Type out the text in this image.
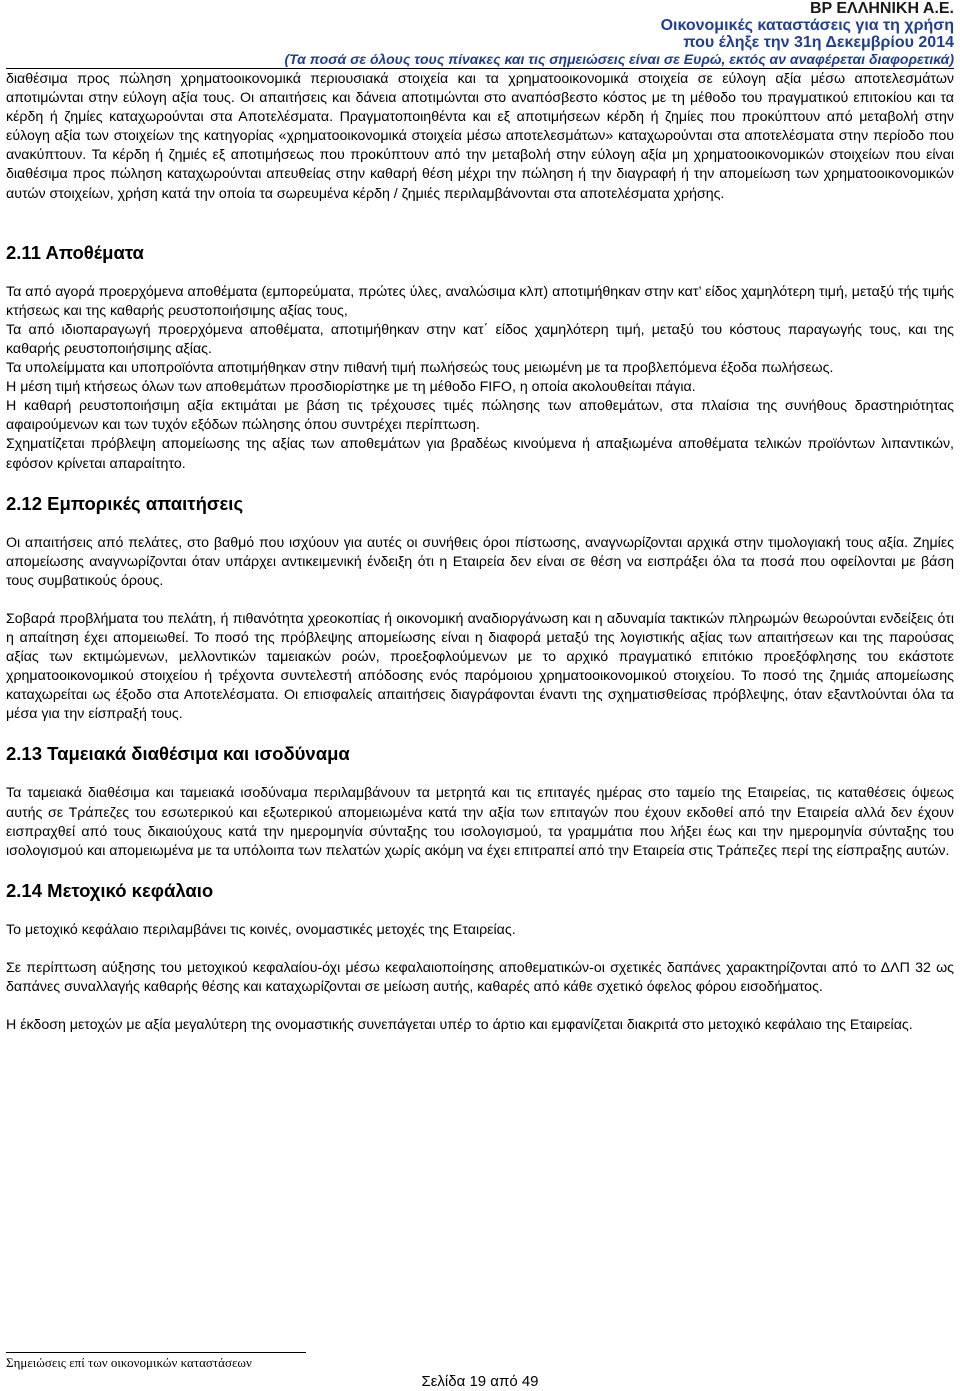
BP ΕΛΛΗΝΙΚΗ Α.Ε.
Οικονομικές καταστάσεις για τη χρήση
που έληξε την 31η Δεκεμβρίου 2014
(Τα ποσά σε όλους τους πίνακες και τις σημειώσεις είναι σε Ευρώ, εκτός αν αναφέρεται διαφορετικά)

διαθέσιμα προς πώληση χρηματοοικονομικά περιουσιακά στοιχεία και τα χρηματοοικονομικά στοιχεία σε εύλογη αξία μέσω αποτελεσμάτων αποτιμώνται στην εύλογη αξία τους. Οι απαιτήσεις και δάνεια αποτιμώνται στο αναπόσβεστο κόστος με τη μέθοδο του πραγματικού επιτοκίου και τα κέρδη ή ζημίες καταχωρούνται στα Αποτελέσματα. Πραγματοποιηθέντα και εξ αποτιμήσεων κέρδη ή ζημίες που προκύπτουν από μεταβολή στην εύλογη αξία των στοιχείων της κατηγορίας «χρηματοοικονομικά στοιχεία μέσω αποτελεσμάτων» καταχωρούνται στα αποτελέσματα στην περίοδο που ανακύπτουν. Τα κέρδη ή ζημιές εξ αποτιμήσεως που προκύπτουν από την μεταβολή στην εύλογη αξία μη χρηματοοικονομικών στοιχείων που είναι διαθέσιμα προς πώληση καταχωρούνται απευθείας στην καθαρή θέση μέχρι την πώληση ή την διαγραφή ή την απομείωση των χρηματοοικονομικών αυτών στοιχείων, χρήση κατά την οποία τα σωρευμένα κέρδη / ζημιές περιλαμβάνονται στα αποτελέσματα χρήσης.

2.11 Αποθέματα

Τα από αγορά προερχόμενα αποθέματα (εμπορεύματα, πρώτες ύλες, αναλώσιμα κλπ) αποτιμήθηκαν στην κατ’ είδος χαμηλότερη τιμή, μεταξύ τής τιμής κτήσεως και της καθαρής ρευστοποιήσιμης αξίας τους,

Τα από ιδιοπαραγωγή προερχόμενα αποθέματα, αποτιμήθηκαν στην κατ΄ είδος χαμηλότερη τιμή, μεταξύ του κόστους παραγωγής τους, και της καθαρής ρευστοποιήσιμης αξίας.

Τα υπολείμματα και υποπροϊόντα αποτιμήθηκαν στην πιθανή τιμή πωλήσεώς τους μειωμένη με τα προβλεπόμενα έξοδα πωλήσεως.

Η μέση τιμή κτήσεως όλων των αποθεμάτων προσδιορίστηκε με τη μέθοδο FIFO, η οποία ακολουθείται πάγια.

Η καθαρή ρευστοποιήσιμη αξία εκτιμάται με βάση τις τρέχουσες τιμές πώλησης των αποθεμάτων, στα πλαίσια της συνήθους δραστηριότητας αφαιρούμενων και των τυχόν εξόδων πώλησης όπου συντρέχει περίπτωση.

Σχηματίζεται πρόβλεψη απομείωσης της αξίας των αποθεμάτων για βραδέως κινούμενα ή απαξιωμένα αποθέματα τελικών προϊόντων λιπαντικών, εφόσον κρίνεται απαραίτητο.

2.12 Εμπορικές απαιτήσεις

Οι απαιτήσεις από πελάτες, στο βαθμό που ισχύουν για αυτές οι συνήθεις όροι πίστωσης, αναγνωρίζονται αρχικά στην τιμολογιακή τους αξία. Ζημίες απομείωσης αναγνωρίζονται όταν υπάρχει αντικειμενική ένδειξη ότι η Εταιρεία δεν είναι σε θέση να εισπράξει όλα τα ποσά που οφείλονται με βάση τους συμβατικούς όρους.

Σοβαρά προβλήματα του πελάτη, ή πιθανότητα χρεοκοπίας ή οικονομική αναδιοργάνωση και η αδυναμία τακτικών πληρωμών θεωρούνται ενδείξεις ότι η απαίτηση έχει απομειωθεί. Το ποσό της πρόβλεψης απομείωσης είναι η διαφορά μεταξύ της λογιστικής αξίας των απαιτήσεων και της παρούσας αξίας των εκτιμώμενων, μελλοντικών ταμειακών ροών, προεξοφλούμενων με το αρχικό πραγματικό επιτόκιο προεξόφλησης του εκάστοτε χρηματοοικονομικού στοιχείου ή τρέχοντα συντελεστή απόδοσης ενός παρόμοιου χρηματοοικονομικού στοιχείου. Το ποσό της ζημιάς απομείωσης καταχωρείται ως έξοδο στα Αποτελέσματα. Οι επισφαλείς απαιτήσεις διαγράφονται έναντι της σχηματισθείσας πρόβλεψης, όταν εξαντλούνται όλα τα μέσα για την είσπραξή τους.

2.13 Ταμειακά διαθέσιμα και ισοδύναμα

Τα ταμειακά διαθέσιμα και ταμειακά ισοδύναμα περιλαμβάνουν τα μετρητά και τις επιταγές ημέρας στο ταμείο της Εταιρείας, τις καταθέσεις όψεως αυτής σε Τράπεζες του εσωτερικού και εξωτερικού απομειωμένα κατά την αξία των επιταγών που έχουν εκδοθεί από την Εταιρεία αλλά δεν έχουν εισπραχθεί από τους δικαιούχους κατά την ημερομηνία σύνταξης του ισολογισμού, τα γραμμάτια που λήξει έως και την ημερομηνία σύνταξης του ισολογισμού και απομειωμένα με τα υπόλοιπα των πελατών χωρίς ακόμη να έχει επιτραπεί από την Εταιρεία στις Τράπεζες περί της είσπραξης αυτών.

2.14 Μετοχικό κεφάλαιο

Το μετοχικό κεφάλαιο περιλαμβάνει τις κοινές, ονομαστικές μετοχές της Εταιρείας.

Σε περίπτωση αύξησης του μετοχικού κεφαλαίου-όχι μέσω κεφαλαιοποίησης αποθεματικών-οι σχετικές δαπάνες χαρακτηρίζονται από το ΔΛΠ 32 ως δαπάνες συναλλαγής καθαρής θέσης και καταχωρίζονται σε μείωση αυτής, καθαρές από κάθε σχετικό όφελος φόρου εισοδήματος.

Η έκδοση μετοχών με αξία μεγαλύτερη της ονομαστικής συνεπάγεται υπέρ το άρτιο και εμφανίζεται διακριτά στο μετοχικό κεφάλαιο της Εταιρείας.

Σημειώσεις επί των οικονομικών καταστάσεων
Σελίδα 19 από 49
